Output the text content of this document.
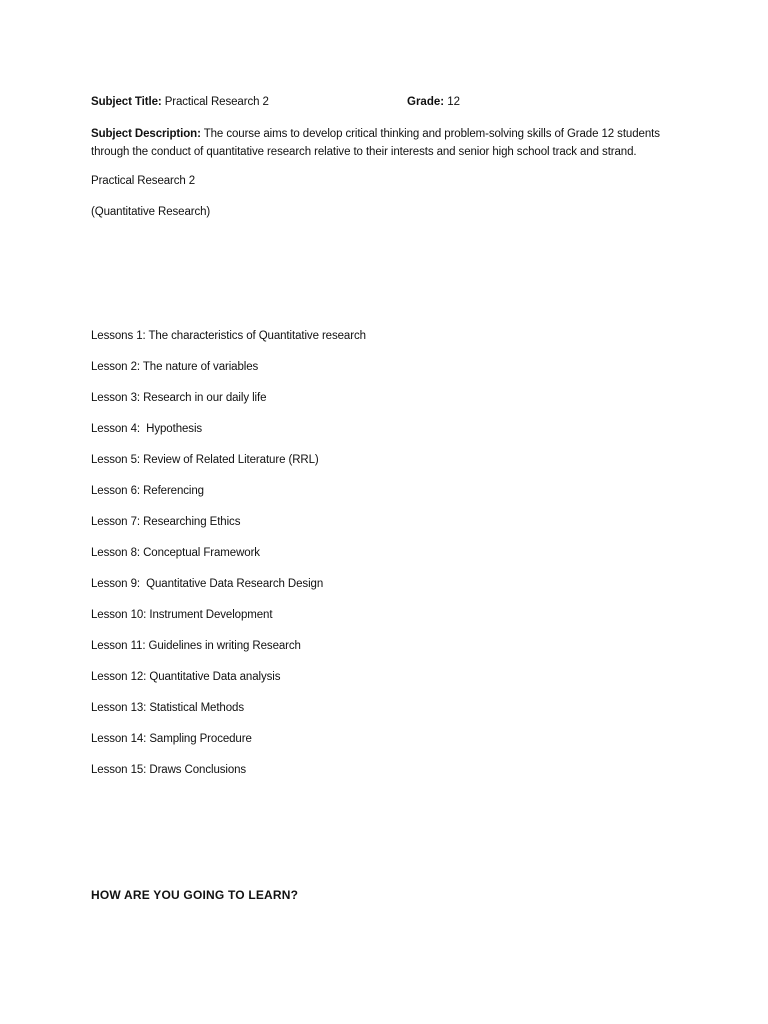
Subject Title: Practical Research 2	Grade: 12
Subject Description: The course aims to develop critical thinking and problem-solving skills of Grade 12 students through the conduct of quantitative research relative to their interests and senior high school track and strand.
Practical Research 2
(Quantitative Research)
Lessons 1: The characteristics of Quantitative research
Lesson 2: The nature of variables
Lesson 3: Research in our daily life
Lesson 4:  Hypothesis
Lesson 5: Review of Related Literature (RRL)
Lesson 6: Referencing
Lesson 7: Researching Ethics
Lesson 8: Conceptual Framework
Lesson 9:  Quantitative Data Research Design
Lesson 10: Instrument Development
Lesson 11: Guidelines in writing Research
Lesson 12: Quantitative Data analysis
Lesson 13: Statistical Methods
Lesson 14: Sampling Procedure
Lesson 15: Draws Conclusions
HOW ARE YOU GOING TO LEARN?
